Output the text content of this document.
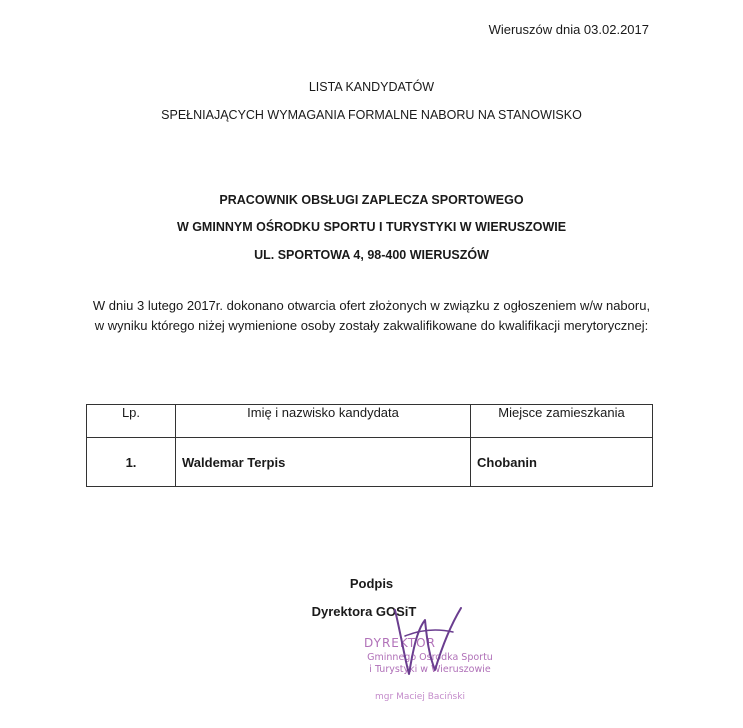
Wieruszów dnia 03.02.2017
LISTA KANDYDATÓW
SPEŁNIAJĄCYCH WYMAGANIA FORMALNE NABORU NA STANOWISKO
PRACOWNIK OBSŁUGI ZAPLECZA SPORTOWEGO
W GMINNYM OŚRODKU SPORTU I TURYSTYKI W WIERUSZOWIE
UL. SPORTOWA 4, 98-400 WIERUSZÓW
W dniu 3 lutego 2017r. dokonano otwarcia ofert złożonych w związku z ogłoszeniem w/w naboru,
w wyniku którego niżej wymienione osoby zostały zakwalifikowane do kwalifikacji merytorycznej:
Lp.	Imię i nazwisko kandydata	Miejsce zamieszkania
1.	Waldemar Terpis	Chobanin
Podpis
Dyrektora GOSiT
DYREKTOR
Gminnego Ośrodka Sportu
i Turystyki w Wieruszowie
mgr Maciej Baciński
